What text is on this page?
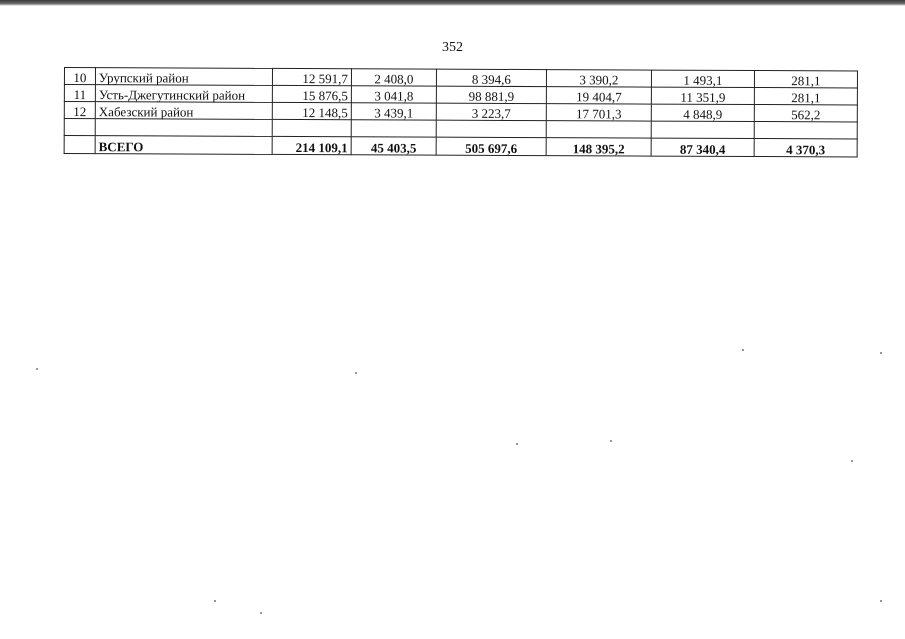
352
10	Урупский район	12 591,7	2 408,0	8 394,6	3 390,2	1 493,1	281,1
11	Усть-Джегутинский район	15 876,5	3 041,8	98 881,9	19 404,7	11 351,9	281,1
12	Хабезский район	12 148,5	3 439,1	3 223,7	17 701,3	4 848,9	562,2

	ВСЕГО	214 109,1	45 403,5	505 697,6	148 395,2	87 340,4	4 370,3
